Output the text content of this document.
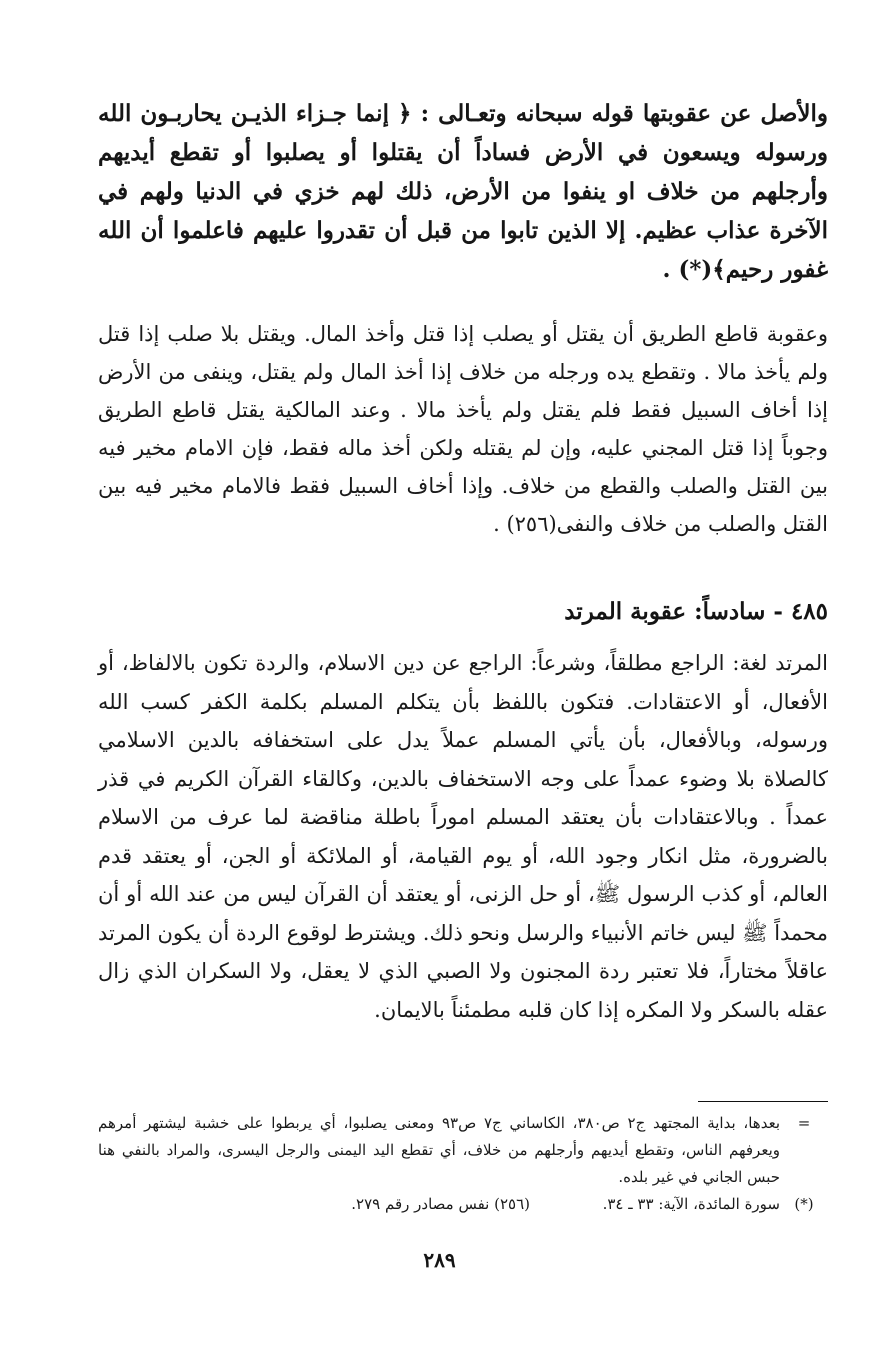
والأصل عن عقوبتها قوله سبحانه وتعـالى : ﴿ إنما جـزاء الذيـن يحاربـون الله ورسوله ويسعون في الأرض فساداً أن يقتلوا أو يصلبوا أو تقطع أيديهم وأرجلهم من خلاف او ينفوا من الأرض، ذلك لهم خزي في الدنيا ولهم في الآخرة عذاب عظيم. إلا الذين تابوا من قبل أن تقدروا عليهم فاعلموا أن الله غفور رحيم﴾(*) .

وعقوبة قاطع الطريق أن يقتل أو يصلب إذا قتل وأخذ المال. ويقتل بلا صلب إذا قتل ولم يأخذ مالا . وتقطع يده ورجله من خلاف إذا أخذ المال ولم يقتل، وينفى من الأرض إذا أخاف السبيل فقط فلم يقتل ولم يأخذ مالا . وعند المالكية يقتل قاطع الطريق وجوباً إذا قتل المجني عليه، وإن لم يقتله ولكن أخذ ماله فقط، فإن الامام مخير فيه بين القتل والصلب والقطع من خلاف. وإذا أخاف السبيل فقط فالامام مخير فيه بين القتل والصلب من خلاف والنفى(٢٥٦) .

٤٨٥ - سادساً: عقوبة المرتد

المرتد لغة: الراجع مطلقاً، وشرعاً: الراجع عن دين الاسلام، والردة تكون بالالفاظ، أو الأفعال، أو الاعتقادات. فتكون باللفظ بأن يتكلم المسلم بكلمة الكفر كسب الله ورسوله، وبالأفعال، بأن يأتي المسلم عملاً يدل على استخفافه بالدين الاسلامي كالصلاة بلا وضوء عمداً على وجه الاستخفاف بالدين، وكالقاء القرآن الكريم في قذر عمداً . وبالاعتقادات بأن يعتقد المسلم اموراً باطلة مناقضة لما عرف من الاسلام بالضرورة، مثل انكار وجود الله، أو يوم القيامة، أو الملائكة أو الجن، أو يعتقد قدم العالم، أو كذب الرسول ﷺ، أو حل الزنى، أو يعتقد أن القرآن ليس من عند الله أو أن محمداً ﷺ ليس خاتم الأنبياء والرسل ونحو ذلك. ويشترط لوقوع الردة أن يكون المرتد عاقلاً مختاراً، فلا تعتبر ردة المجنون ولا الصبي الذي لا يعقل، ولا السكران الذي زال عقله بالسكر ولا المكره إذا كان قلبه مطمئناً بالايمان.

=
بعدها، بداية المجتهد ج٢ ص٣٨٠، الكاساني ج٧ ص٩٣ ومعنى يصلبوا، أي يربطوا على خشبة ليشتهر أمرهم ويعرفهم الناس، وتقطع أيديهم وأرجلهم من خلاف، أي تقطع اليد اليمنى والرجل اليسرى، والمراد بالنفي هنا حبس الجاني في غير بلده.
(*)
سورة المائدة، الآية: ٣٣ ـ ٣٤.
(٢٥٦) نفس مصادر رقم ٢٧٩.
٢٨٩
